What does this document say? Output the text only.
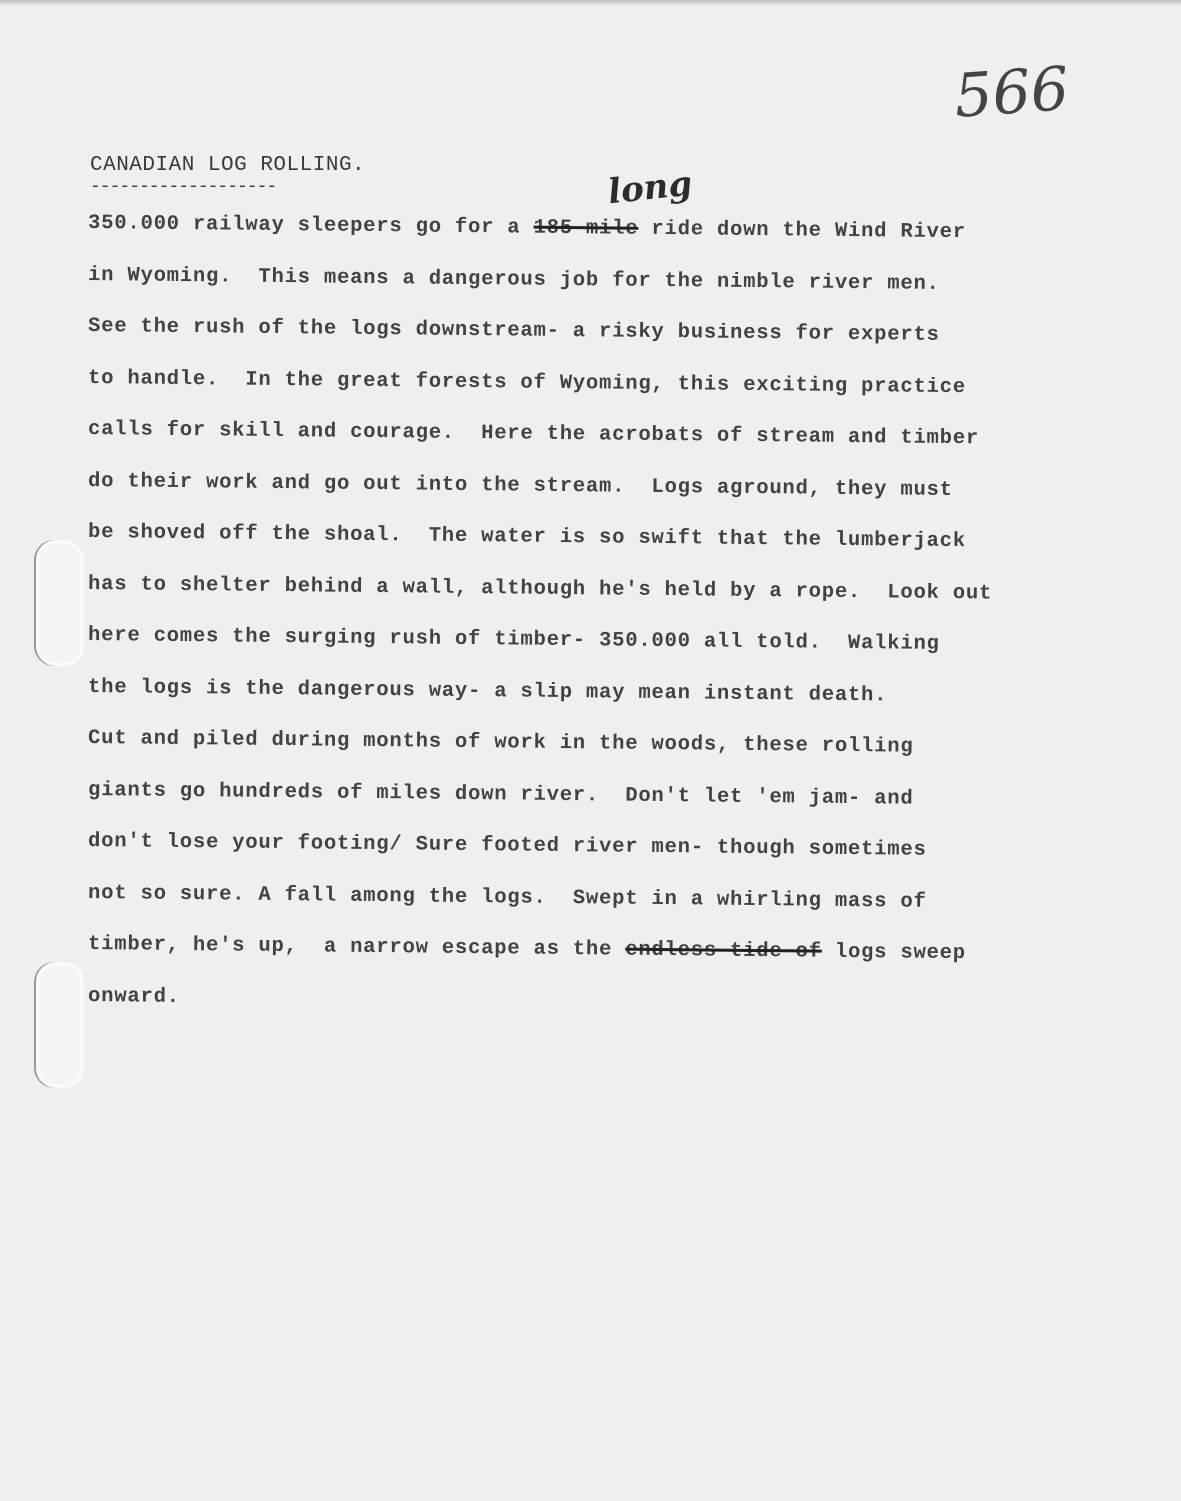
566
CANADIAN LOG ROLLING.
-------------------	long
350.000 railway sleepers go for a 185 mile ride down the Wind River
in Wyoming.  This means a dangerous job for the nimble river men.
See the rush of the logs downstream- a risky business for experts
to handle.  In the great forests of Wyoming, this exciting practice
calls for skill and courage.  Here the acrobats of stream and timber
do their work and go out into the stream.  Logs aground, they must
be shoved off the shoal.  The water is so swift that the lumberjack
has to shelter behind a wall, although he's held by a rope.  Look out
here comes the surging rush of timber- 350.000 all told.  Walking
the logs is the dangerous way- a slip may mean instant death.
Cut and piled during months of work in the woods, these rolling
giants go hundreds of miles down river.  Don't let 'em jam- and
don't lose your footing/ Sure footed river men- though sometimes
not so sure. A fall among the logs.  Swept in a whirling mass of
timber, he's up,  a narrow escape as the endless tide of logs sweep
onward.
